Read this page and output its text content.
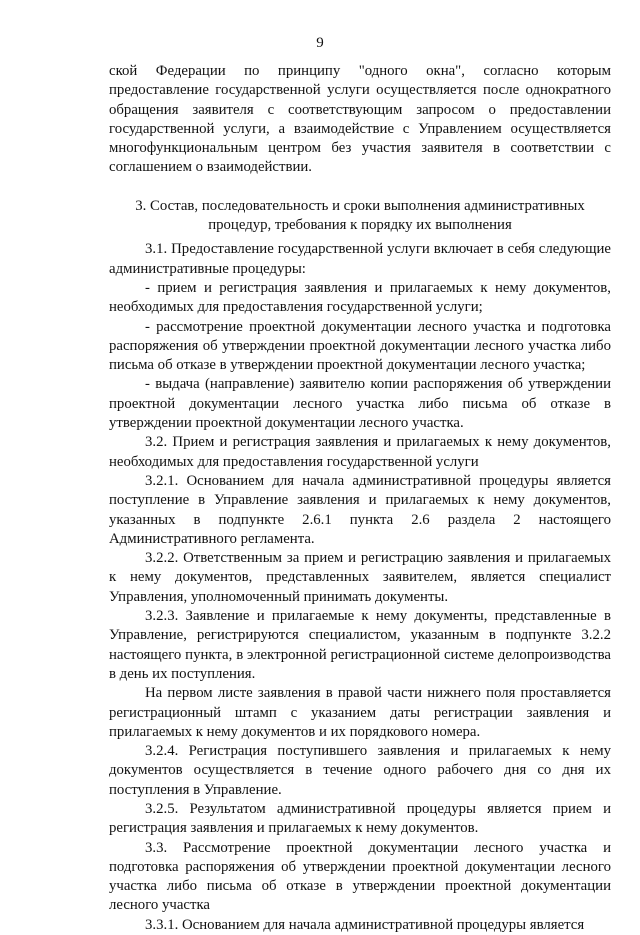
9

ской Федерации по принципу "одного окна", согласно которым предоставление государственной услуги осуществляется после однократного обращения заявителя с соответствующим запросом о предоставлении государственной услуги, а взаимодействие с Управлением осуществляется многофункциональным центром без участия заявителя в соответствии с соглашением о взаимодействии.

3. Состав, последовательность и сроки выполнения административных процедур, требования к порядку их выполнения

3.1. Предоставление государственной услуги включает в себя следующие административные процедуры:

- прием и регистрация заявления и прилагаемых к нему документов, необходимых для предоставления государственной услуги;

- рассмотрение проектной документации лесного участка и подготовка распоряжения об утверждении проектной документации лесного участка либо письма об отказе в утверждении проектной документации лесного участка;

- выдача (направление) заявителю копии распоряжения об утверждении проектной документации лесного участка либо письма об отказе в утверждении проектной документации лесного участка.

3.2. Прием и регистрация заявления и прилагаемых к нему документов, необходимых для предоставления государственной услуги

3.2.1. Основанием для начала административной процедуры является поступление в Управление заявления и прилагаемых к нему документов, указанных в подпункте 2.6.1 пункта 2.6 раздела 2 настоящего Административного регламента.

3.2.2. Ответственным за прием и регистрацию заявления и прилагаемых к нему документов, представленных заявителем, является специалист Управления, уполномоченный принимать документы.

3.2.3. Заявление и прилагаемые к нему документы, представленные в Управление, регистрируются специалистом, указанным в подпункте 3.2.2 настоящего пункта, в электронной регистрационной системе делопроизводства в день их поступления.

На первом листе заявления в правой части нижнего поля проставляется регистрационный штамп с указанием даты регистрации заявления и прилагаемых к нему документов и их порядкового номера.

3.2.4. Регистрация поступившего заявления и прилагаемых к нему документов осуществляется в течение одного рабочего дня со дня их поступления в Управление.

3.2.5. Результатом административной процедуры является прием и регистрация заявления и прилагаемых к нему документов.

3.3. Рассмотрение проектной документации лесного участка и подготовка распоряжения об утверждении проектной документации лесного участка либо письма об отказе в утверждении проектной документации лесного участка

3.3.1. Основанием для начала административной процедуры является
